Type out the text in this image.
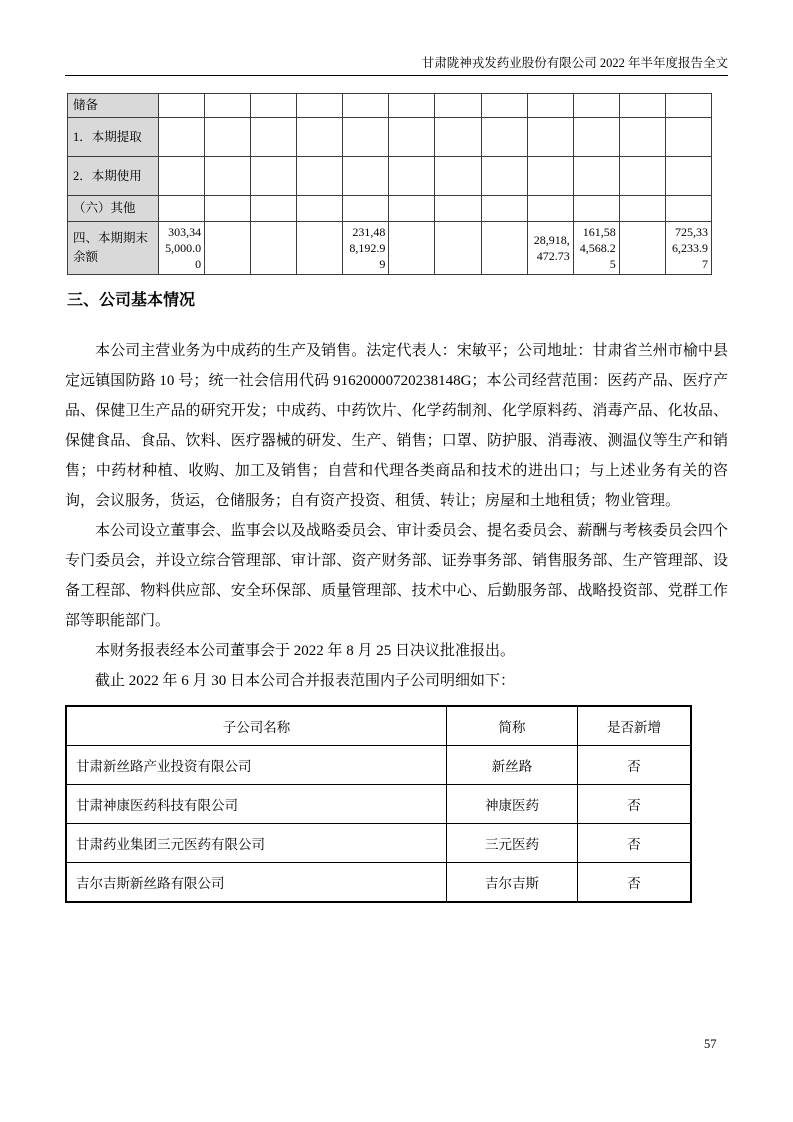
甘肃陇神戎发药业股份有限公司 2022 年半年度报告全文
储备												
1．本期提取												
2．本期使用												
（六）其他												
四、本期期末余额	303,345,000.00				231,488,192.99				28,918,472.73	161,584,568.25		725,336,233.97
三、公司基本情况

本公司主营业务为中成药的生产及销售。法定代表人：宋敏平；公司地址：甘肃省兰州市榆中县定远镇国防路 10 号；统一社会信用代码 91620000720238148G；本公司经营范围：医药产品、医疗产品、保健卫生产品的研究开发；中成药、中药饮片、化学药制剂、化学原料药、消毒产品、化妆品、保健食品、食品、饮料、医疗器械的研发、生产、销售；口罩、防护服、消毒液、测温仪等生产和销售；中药材种植、收购、加工及销售；自营和代理各类商品和技术的进出口；与上述业务有关的咨询，会议服务，货运，仓储服务；自有资产投资、租赁、转让；房屋和土地租赁；物业管理。

本公司设立董事会、监事会以及战略委员会、审计委员会、提名委员会、薪酬与考核委员会四个专门委员会，并设立综合管理部、审计部、资产财务部、证券事务部、销售服务部、生产管理部、设备工程部、物料供应部、安全环保部、质量管理部、技术中心、后勤服务部、战略投资部、党群工作部等职能部门。

本财务报表经本公司董事会于 2022 年 8 月 25 日决议批准报出。

截止 2022 年 6 月 30 日本公司合并报表范围内子公司明细如下：

子公司名称	简称	是否新增
甘肃新丝路产业投资有限公司	新丝路	否
甘肃神康医药科技有限公司	神康医药	否
甘肃药业集团三元医药有限公司	三元医药	否
吉尔吉斯新丝路有限公司	吉尔吉斯	否
57
